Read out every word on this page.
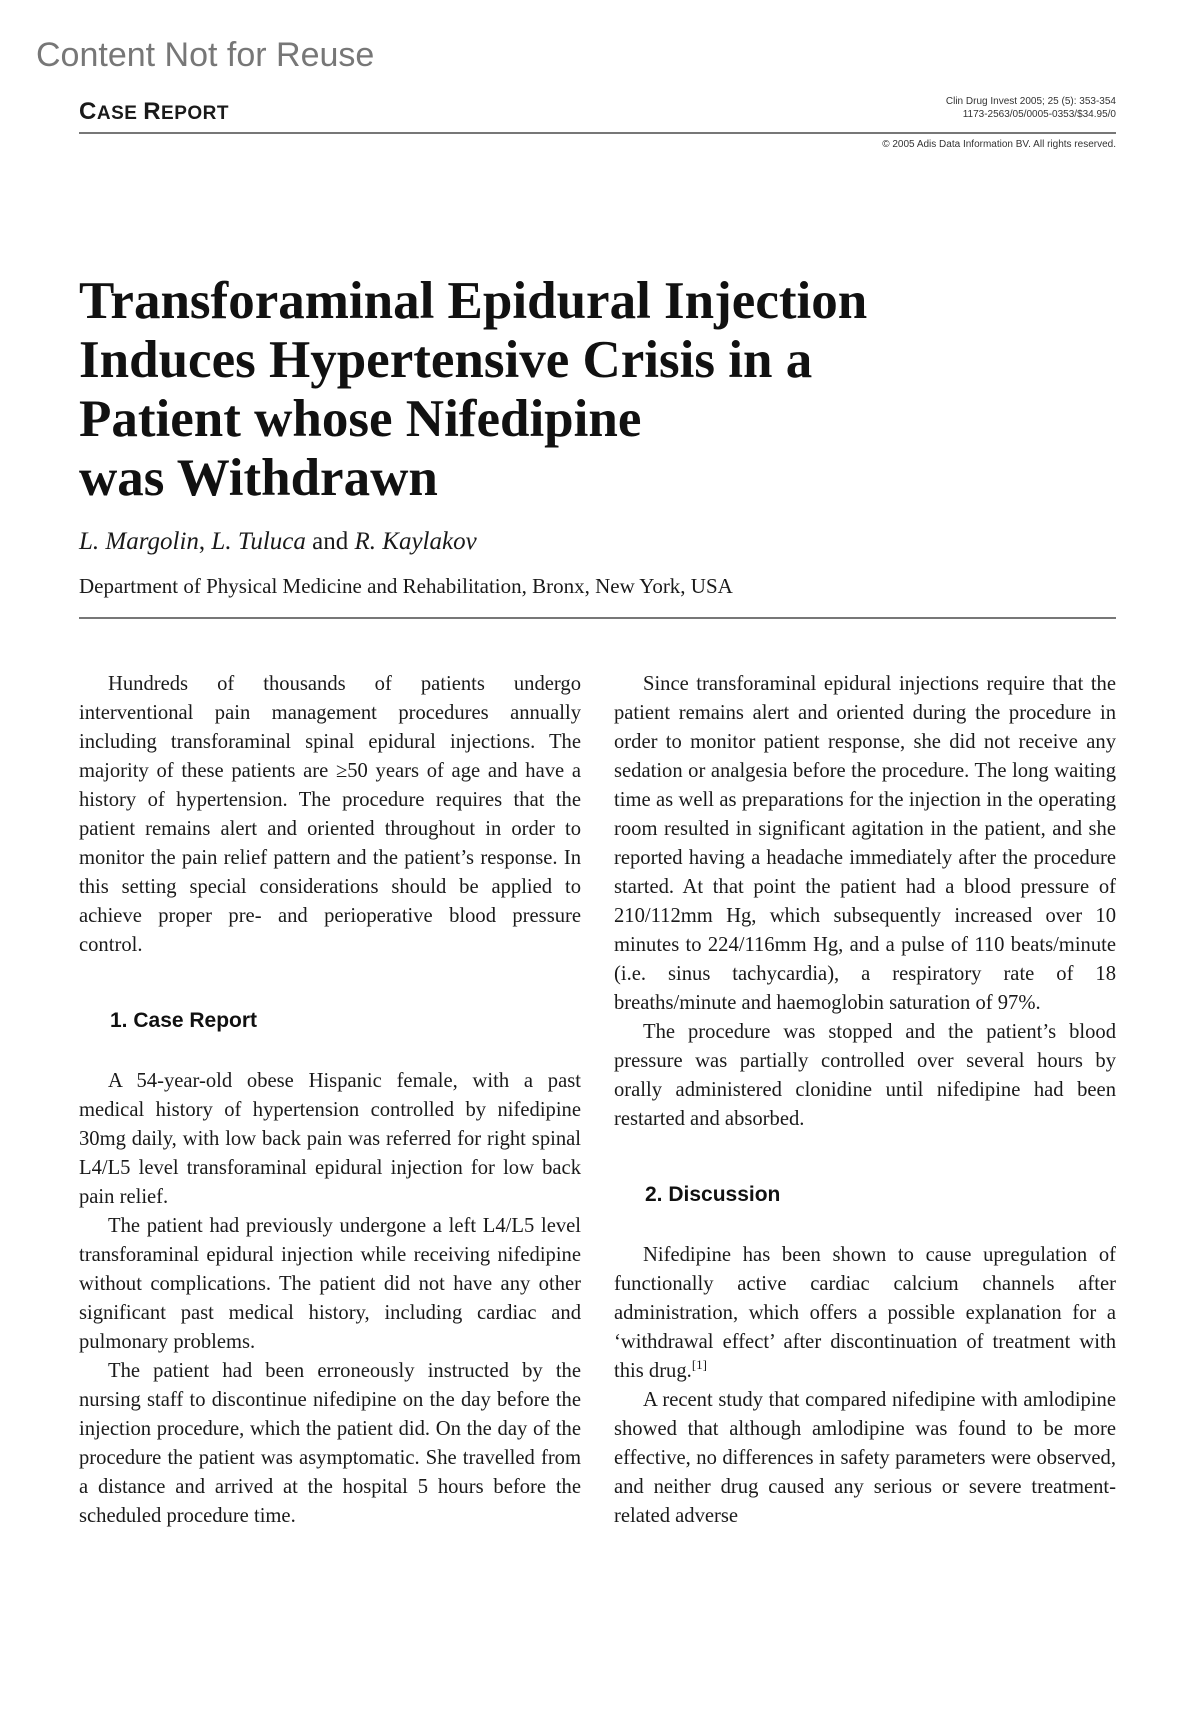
Content Not for Reuse
CASE REPORT
Clin Drug Invest 2005; 25 (5): 353-354
1173-2563/05/0005-0353/$34.95/0
© 2005 Adis Data Information BV. All rights reserved.
Transforaminal Epidural Injection
Induces Hypertensive Crisis in a
Patient whose Nifedipine
was Withdrawn
L. Margolin, L. Tuluca and R. Kaylakov
Department of Physical Medicine and Rehabilitation, Bronx, New York, USA

Hundreds of thousands of patients undergo interventional pain management procedures annually including transforaminal spinal epidural injections. The majority of these patients are ≥50 years of age and have a history of hypertension. The procedure requires that the patient remains alert and oriented throughout in order to monitor the pain relief pattern and the patient’s response. In this setting special considerations should be applied to achieve proper pre- and perioperative blood pressure control.

1. Case Report

A 54-year-old obese Hispanic female, with a past medical history of hypertension controlled by nifedipine 30mg daily, with low back pain was referred for right spinal L4/L5 level transforaminal epidural injection for low back pain relief.

The patient had previously undergone a left L4/L5 level transforaminal epidural injection while receiving nifedipine without complications. The patient did not have any other significant past medical history, including cardiac and pulmonary problems.

The patient had been erroneously instructed by the nursing staff to discontinue nifedipine on the day before the injection procedure, which the patient did. On the day of the procedure the patient was asymptomatic. She travelled from a distance and arrived at the hospital 5 hours before the scheduled procedure time.

Since transforaminal epidural injections require that the patient remains alert and oriented during the procedure in order to monitor patient response, she did not receive any sedation or analgesia before the procedure. The long waiting time as well as preparations for the injection in the operating room resulted in significant agitation in the patient, and she reported having a headache immediately after the procedure started. At that point the patient had a blood pressure of 210/112mm Hg, which subsequently increased over 10 minutes to 224/116mm Hg, and a pulse of 110 beats/minute (i.e. sinus tachycardia), a respiratory rate of 18 breaths/minute and haemoglobin saturation of 97%.

The procedure was stopped and the patient’s blood pressure was partially controlled over several hours by orally administered clonidine until nifedipine had been restarted and absorbed.

2. Discussion

Nifedipine has been shown to cause upregulation of functionally active cardiac calcium channels after administration, which offers a possible explanation for a ‘withdrawal effect’ after discontinuation of treatment with this drug.[1]

A recent study that compared nifedipine with amlodipine showed that although amlodipine was found to be more effective, no differences in safety parameters were observed, and neither drug caused any serious or severe treatment-related adverse
